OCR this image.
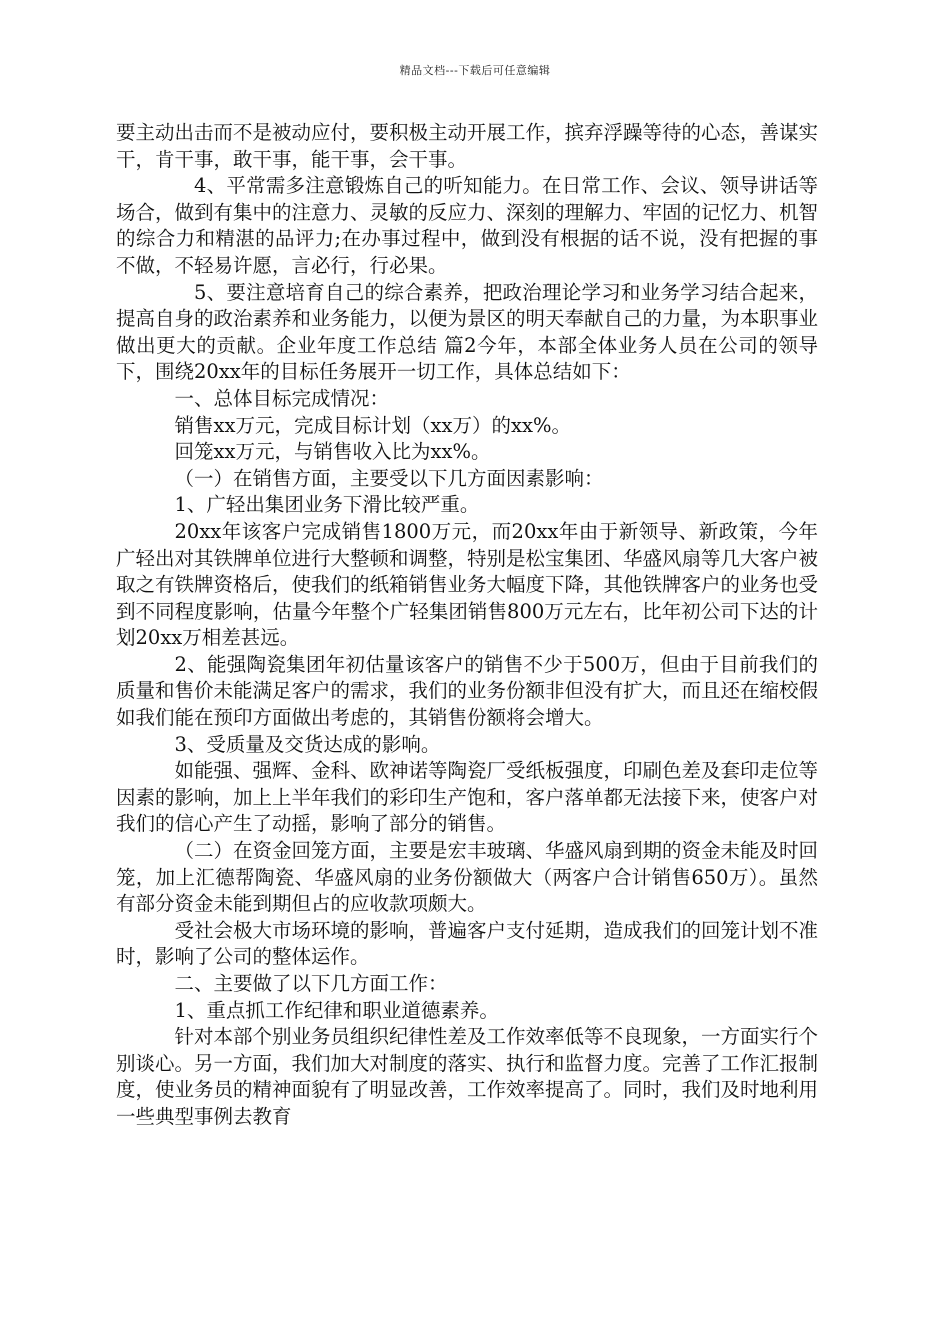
精品文档---下载后可任意编辑

要主动出击而不是被动应付，要积极主动开展工作，摈弃浮躁等待的心态，善谋实干，肯干事，敢干事，能干事，会干事。

4、平常需多注意锻炼自己的听知能力。在日常工作、会议、领导讲话等场合，做到有集中的注意力、灵敏的反应力、深刻的理解力、牢固的记忆力、机智的综合力和精湛的品评力;在办事过程中，做到没有根据的话不说，没有把握的事不做，不轻易许愿，言必行，行必果。

5、要注意培育自己的综合素养，把政治理论学习和业务学习结合起来，提高自身的政治素养和业务能力，以便为景区的明天奉献自己的力量，为本职事业做出更大的贡献。企业年度工作总结 篇2今年，本部全体业务人员在公司的领导下，围绕20xx年的目标任务展开一切工作，具体总结如下：

一、总体目标完成情况：

销售xx万元，完成目标计划（xx万）的xx%。

回笼xx万元，与销售收入比为xx%。

（一）在销售方面，主要受以下几方面因素影响：

1、广轻出集团业务下滑比较严重。

20xx年该客户完成销售1800万元，而20xx年由于新领导、新政策，今年广轻出对其铁牌单位进行大整顿和调整，特别是松宝集团、华盛风扇等几大客户被取之有铁牌资格后，使我们的纸箱销售业务大幅度下降，其他铁牌客户的业务也受到不同程度影响，估量今年整个广轻集团销售800万元左右，比年初公司下达的计划20xx万相差甚远。

2、能强陶瓷集团年初估量该客户的销售不少于500万，但由于目前我们的质量和售价未能满足客户的需求，我们的业务份额非但没有扩大，而且还在缩校假如我们能在预印方面做出考虑的，其销售份额将会增大。

3、受质量及交货达成的影响。

如能强、强辉、金科、欧神诺等陶瓷厂受纸板强度，印刷色差及套印走位等因素的影响，加上上半年我们的彩印生产饱和，客户落单都无法接下来，使客户对我们的信心产生了动摇，影响了部分的销售。

（二）在资金回笼方面，主要是宏丰玻璃、华盛风扇到期的资金未能及时回笼，加上汇德帮陶瓷、华盛风扇的业务份额做大（两客户合计销售650万）。虽然有部分资金未能到期但占的应收款项颇大。

受社会极大市场环境的影响，普遍客户支付延期，造成我们的回笼计划不准时，影响了公司的整体运作。

二、主要做了以下几方面工作：

1、重点抓工作纪律和职业道德素养。

针对本部个别业务员组织纪律性差及工作效率低等不良现象，一方面实行个别谈心。另一方面，我们加大对制度的落实、执行和监督力度。完善了工作汇报制度，使业务员的精神面貌有了明显改善，工作效率提高了。同时，我们及时地利用一些典型事例去教育
